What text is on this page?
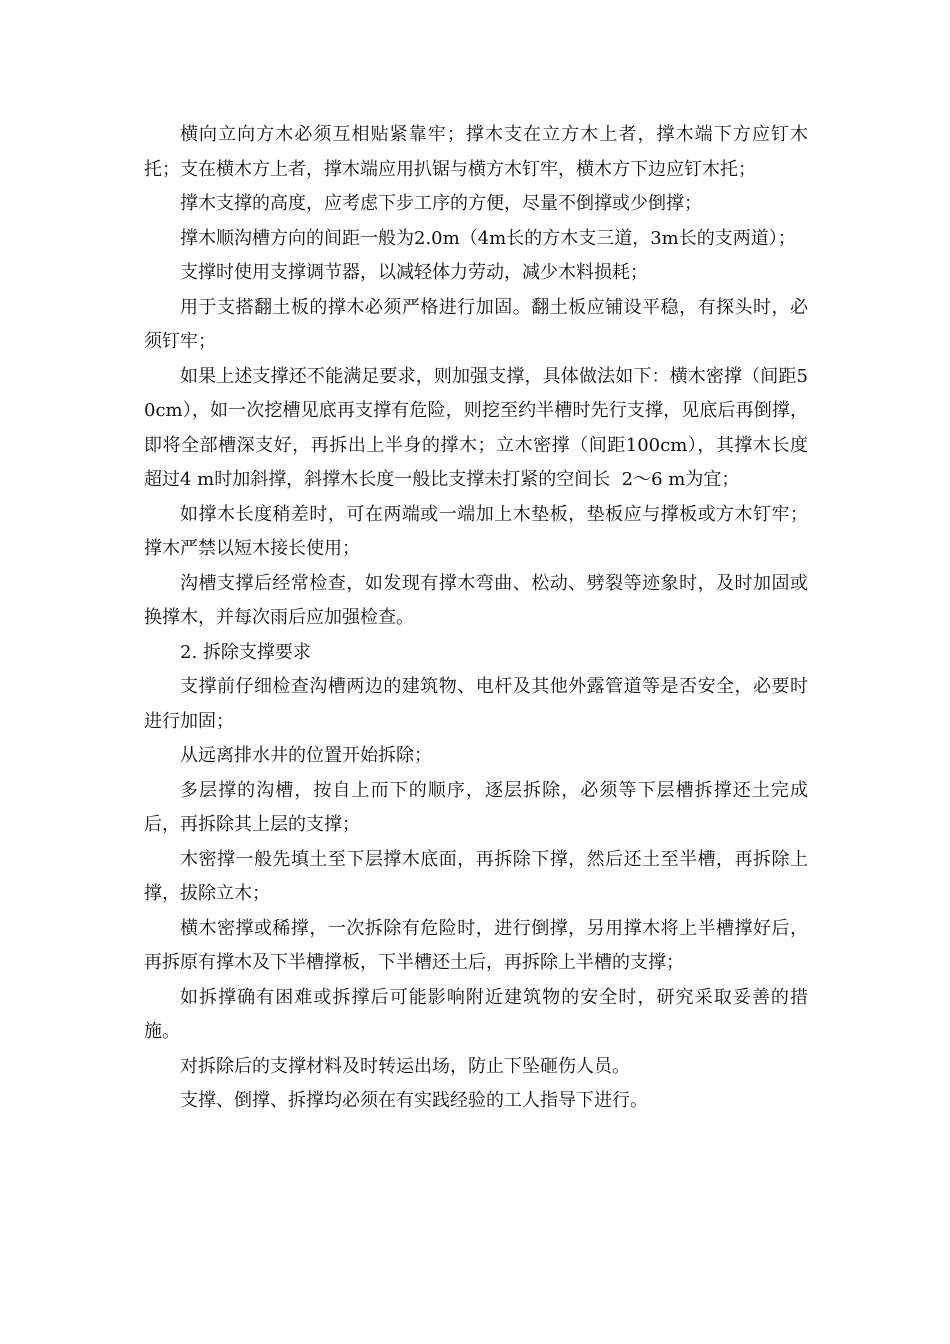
横向立向方木必须互相贴紧靠牢；撑木支在立方木上者，撑木端下方应钉木托；支在横木方上者，撑木端应用扒锯与横方木钉牢，横木方下边应钉木托；

撑木支撑的高度，应考虑下步工序的方便，尽量不倒撑或少倒撑；

撑木顺沟槽方向的间距一般为2.0m（4m长的方木支三道，3m长的支两道）；

支撑时使用支撑调节器，以减轻体力劳动，减少木料损耗；

用于支搭翻土板的撑木必须严格进行加固。翻土板应铺设平稳，有探头时，必须钉牢；

如果上述支撑还不能满足要求，则加强支撑，具体做法如下：横木密撑（间距50cm），如一次挖槽见底再支撑有危险，则挖至约半槽时先行支撑，见底后再倒撑，即将全部槽深支好，再拆出上半身的撑木；立木密撑（间距100cm），其撑木长度超过4 m时加斜撑，斜撑木长度一般比支撑未打紧的空间长  2～6 m为宜；

如撑木长度稍差时，可在两端或一端加上木垫板，垫板应与撑板或方木钉牢；撑木严禁以短木接长使用；

沟槽支撑后经常检查，如发现有撑木弯曲、松动、劈裂等迹象时，及时加固或换撑木，并每次雨后应加强检查。

2. 拆除支撑要求

支撑前仔细检查沟槽两边的建筑物、电杆及其他外露管道等是否安全，必要时进行加固；

从远离排水井的位置开始拆除；

多层撑的沟槽，按自上而下的顺序，逐层拆除，必须等下层槽拆撑还土完成后，再拆除其上层的支撑；

木密撑一般先填土至下层撑木底面，再拆除下撑，然后还土至半槽，再拆除上撑，拔除立木；

横木密撑或稀撑，一次拆除有危险时，进行倒撑，另用撑木将上半槽撑好后，再拆原有撑木及下半槽撑板，下半槽还土后，再拆除上半槽的支撑；

如拆撑确有困难或拆撑后可能影响附近建筑物的安全时，研究采取妥善的措施。

对拆除后的支撑材料及时转运出场，防止下坠砸伤人员。

支撑、倒撑、拆撑均必须在有实践经验的工人指导下进行。
